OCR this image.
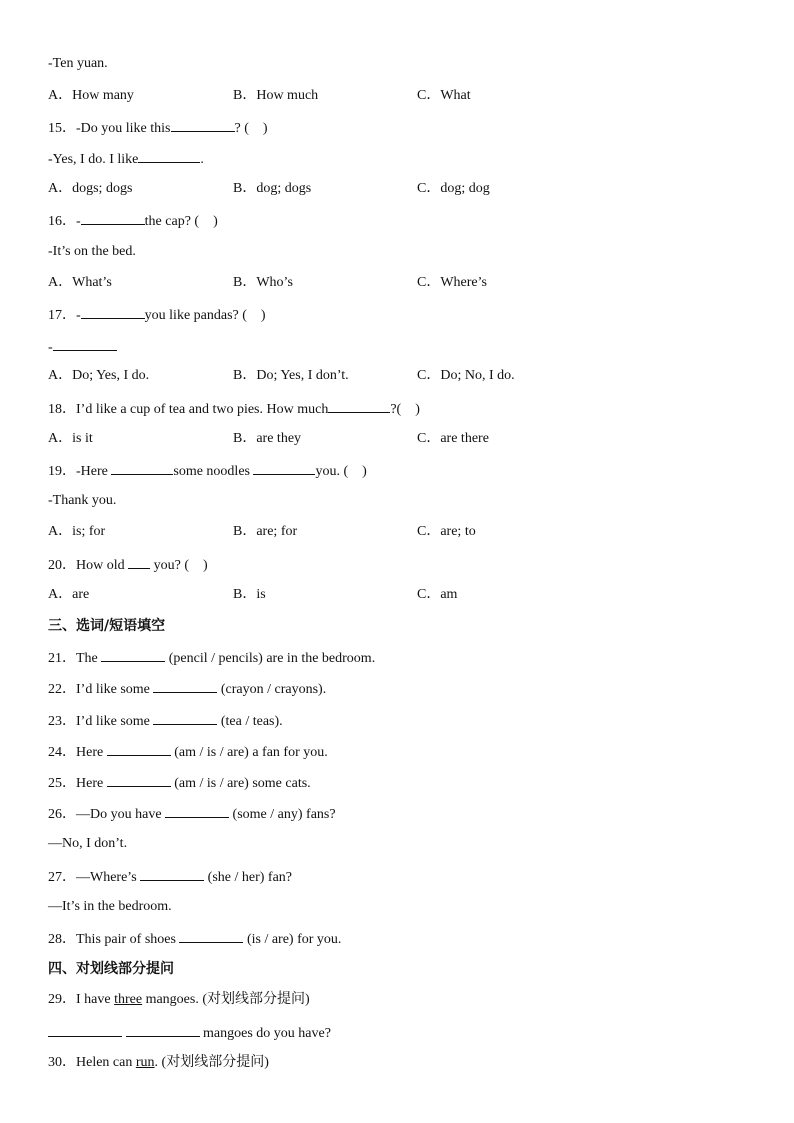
-Ten yuan.
A．How many	B．How much	C．What
15．-Do you like this	? (　)
-Yes, I do. I like	.
A．dogs; dogs	B．dog; dogs	C．dog; dog
16．-	the cap? (　)
-It’s on the bed.
A．What’s	B．Who’s	C．Where’s
17．-	you like pandas? (　)
-
A．Do; Yes, I do.	B．Do; Yes, I don’t.	C．Do; No, I do.
18．I’d like a cup of tea and two pies. How much	?(　)
A．is it	B．are they	C．are there
19．-Here	some noodles	you. (　)
-Thank you.
A．is; for	B．are; for	C．are; to
20．How old  you? (　)
A．are	B．is	C．am
三、选词/短语填空
21．The	(pencil / pencils) are in the bedroom.
22．I’d like some	(crayon / crayons).
23．I’d like some	(tea / teas).
24．Here	(am / is / are) a fan for you.
25．Here	(am / is / are) some cats.
26．—Do you have	(some / any) fans?
—No, I don’t.
27．—Where’s	(she / her) fan?
—It’s in the bedroom.
28．This pair of shoes	(is / are) for you.
四、对划线部分提问
29．I have three mangoes. (对划线部分提问)
mangoes do you have?
30．Helen can run. (对划线部分提问)
